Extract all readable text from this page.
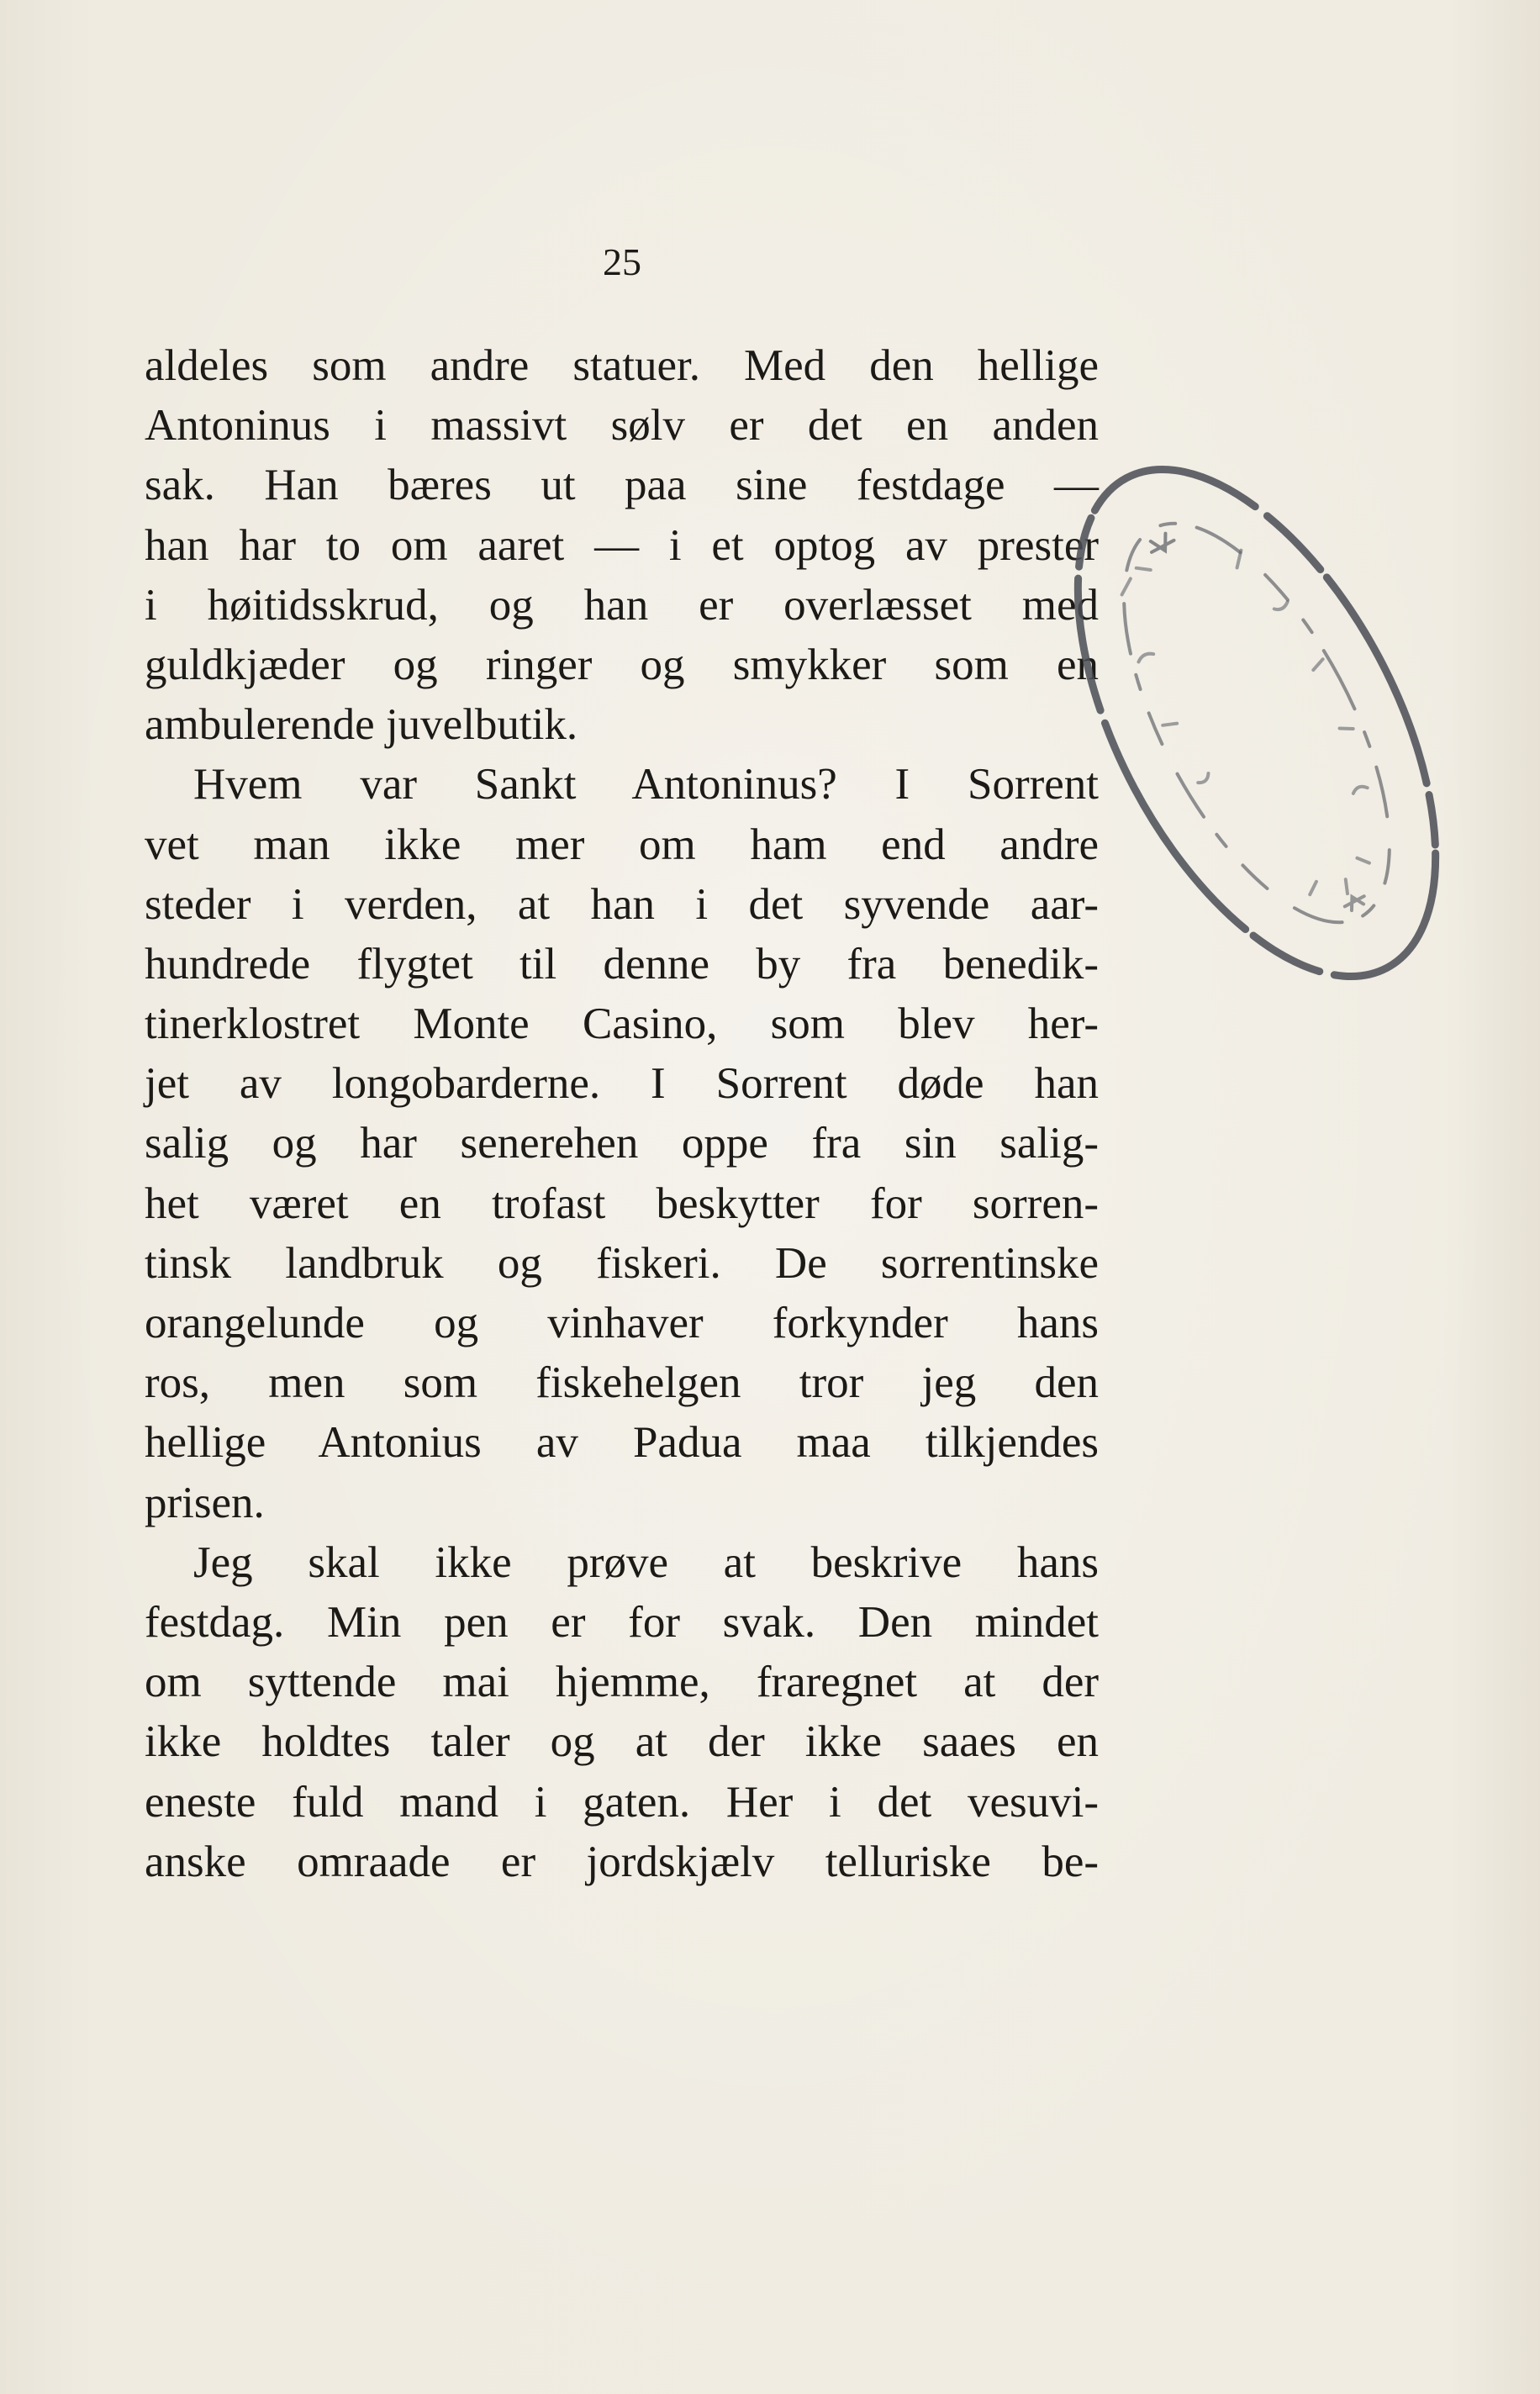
25
aldeles som andre statuer. Med den hellige
Antoninus i massivt sølv er det en anden
sak. Han bæres ut paa sine festdage —
han har to om aaret — i et optog av prester
i høitidsskrud, og han er overlæsset med
guldkjæder og ringer og smykker som en
ambulerende juvelbutik.
Hvem var Sankt Antoninus? I Sorrent
vet man ikke mer om ham end andre
steder i verden, at han i det syvende aar-
hundrede flygtet til denne by fra benedik-
tinerklostret Monte Casino, som blev her-
jet av longobarderne. I Sorrent døde han
salig og har senerehen oppe fra sin salig-
het været en trofast beskytter for sorren-
tinsk landbruk og fiskeri. De sorrentinske
orangelunde og vinhaver forkynder hans
ros, men som fiskehelgen tror jeg den
hellige Antonius av Padua maa tilkjendes
prisen.
Jeg skal ikke prøve at beskrive hans
festdag. Min pen er for svak. Den mindet
om syttende mai hjemme, fraregnet at der
ikke holdtes taler og at der ikke saaes en
eneste fuld mand i gaten. Her i det vesuvi-
anske omraade er jordskjælv telluriske be-
